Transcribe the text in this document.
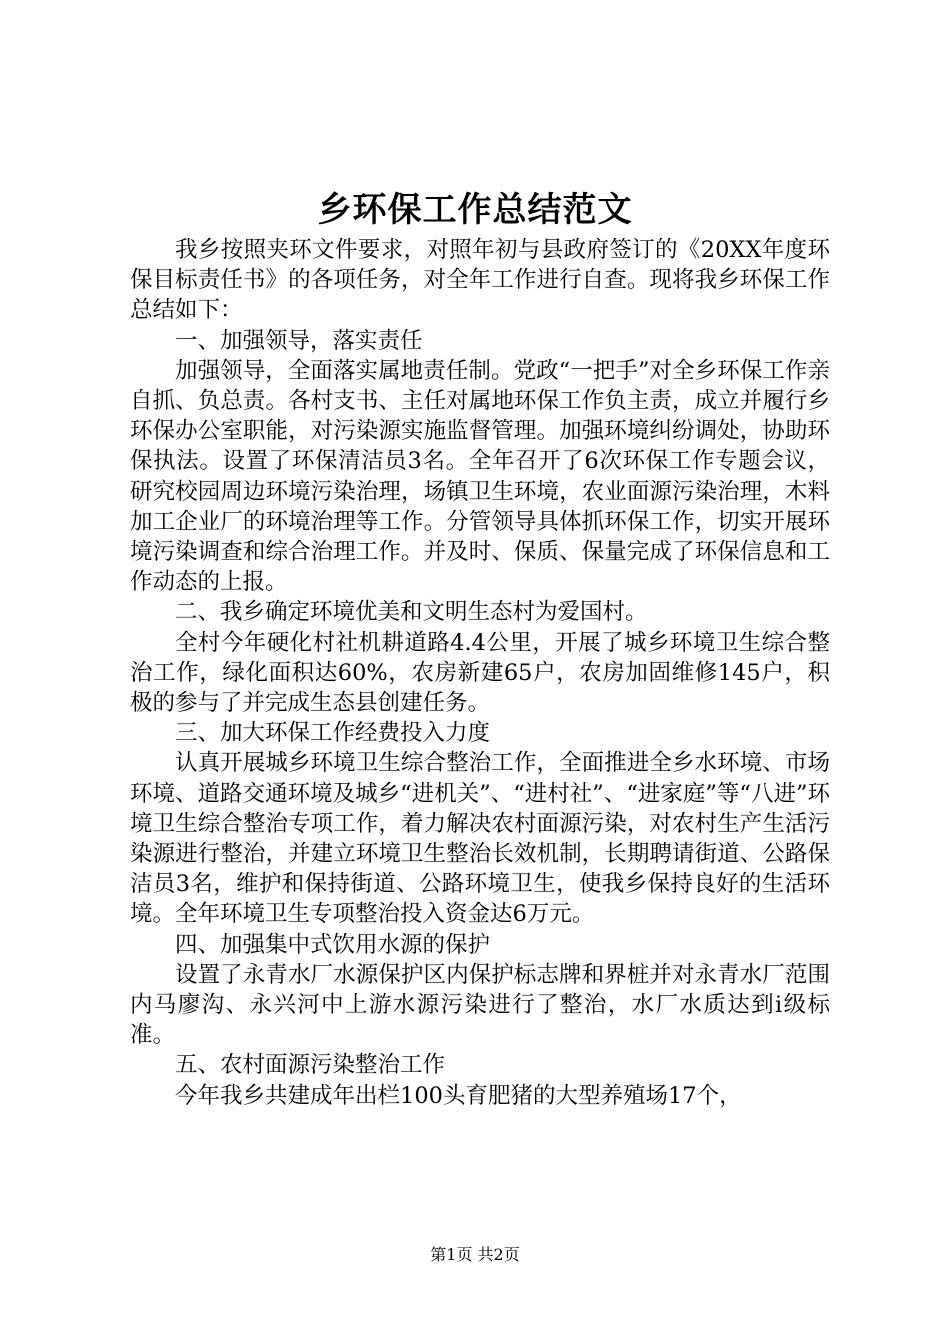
乡环保工作总结范文

我乡按照夹环文件要求，对照年初与县政府签订的《20XX年度环保目标责任书》的各项任务，对全年工作进行自查。现将我乡环保工作总结如下：

一、加强领导，落实责任

加强领导，全面落实属地责任制。党政“一把手”对全乡环保工作亲自抓、负总责。各村支书、主任对属地环保工作负主责，成立并履行乡环保办公室职能，对污染源实施监督管理。加强环境纠纷调处，协助环保执法。设置了环保清洁员3名。全年召开了6次环保工作专题会议，研究校园周边环境污染治理，场镇卫生环境，农业面源污染治理，木料加工企业厂的环境治理等工作。分管领导具体抓环保工作，切实开展环境污染调查和综合治理工作。并及时、保质、保量完成了环保信息和工作动态的上报。

二、我乡确定环境优美和文明生态村为爱国村。

全村今年硬化村社机耕道路4.4公里，开展了城乡环境卫生综合整治工作，绿化面积达60%，农房新建65户，农房加固维修145户，积极的参与了并完成生态县创建任务。

三、加大环保工作经费投入力度

认真开展城乡环境卫生综合整治工作，全面推进全乡水环境、市场环境、道路交通环境及城乡“进机关”、“进村社”、“进家庭”等“八进”环境卫生综合整治专项工作，着力解决农村面源污染，对农村生产生活污染源进行整治，并建立环境卫生整治长效机制，长期聘请街道、公路保洁员3名，维护和保持街道、公路环境卫生，使我乡保持良好的生活环境。全年环境卫生专项整治投入资金达6万元。

四、加强集中式饮用水源的保护

设置了永青水厂水源保护区内保护标志牌和界桩并对永青水厂范围内马廖沟、永兴河中上游水源污染进行了整治，水厂水质达到ⅰ级标准。

五、农村面源污染整治工作

今年我乡共建成年出栏100头育肥猪的大型养殖场17个，

第1页 共2页
